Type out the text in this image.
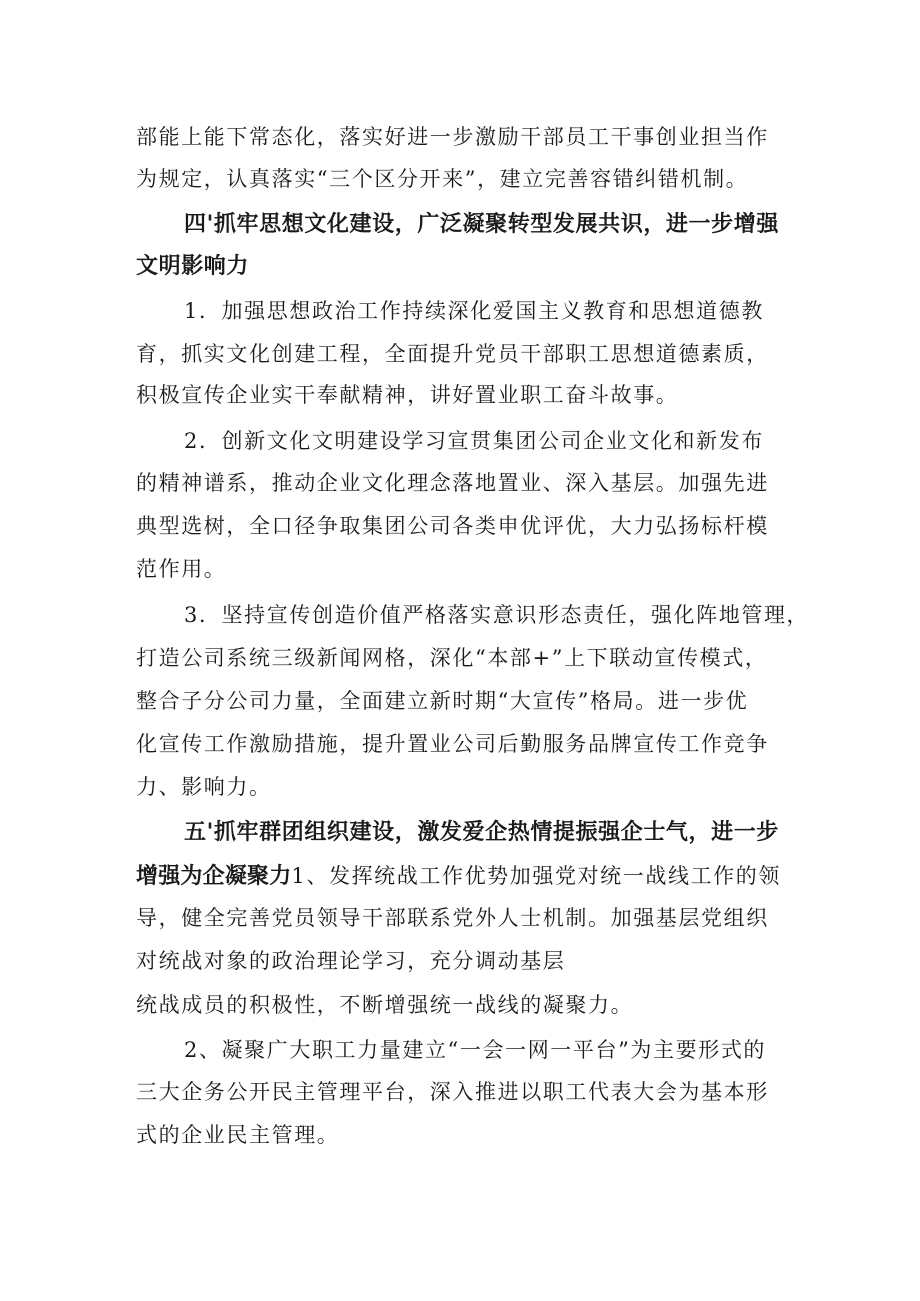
部能上能下常态化，落实好进一步激励干部员工干事创业担当作
为规定，认真落实“三个区分开来”，建立完善容错纠错机制。
四'抓牢思想文化建设，广泛凝聚转型发展共识，进一步增强
文明影响力
1．加强思想政治工作持续深化爱国主义教育和思想道德教
育，抓实文化创建工程，全面提升党员干部职工思想道德素质，
积极宣传企业实干奉献精神，讲好置业职工奋斗故事。
2．创新文化文明建设学习宣贯集团公司企业文化和新发布
的精神谱系，推动企业文化理念落地置业、深入基层。加强先进
典型选树，全口径争取集团公司各类申优评优，大力弘扬标杆模
范作用。
3．坚持宣传创造价值严格落实意识形态责任，强化阵地管理，
打造公司系统三级新闻网格，深化“本部+”上下联动宣传模式，
整合子分公司力量，全面建立新时期“大宣传”格局。进一步优
化宣传工作激励措施，提升置业公司后勤服务品牌宣传工作竞争
力、影响力。
五'抓牢群团组织建设，激发爱企热情提振强企士气，进一步
增强为企凝聚力1、发挥统战工作优势加强党对统一战线工作的领
导，健全完善党员领导干部联系党外人士机制。加强基层党组织
对统战对象的政治理论学习，充分调动基层
统战成员的积极性，不断增强统一战线的凝聚力。
2、凝聚广大职工力量建立“一会一网一平台”为主要形式的
三大企务公开民主管理平台，深入推进以职工代表大会为基本形
式的企业民主管理。
